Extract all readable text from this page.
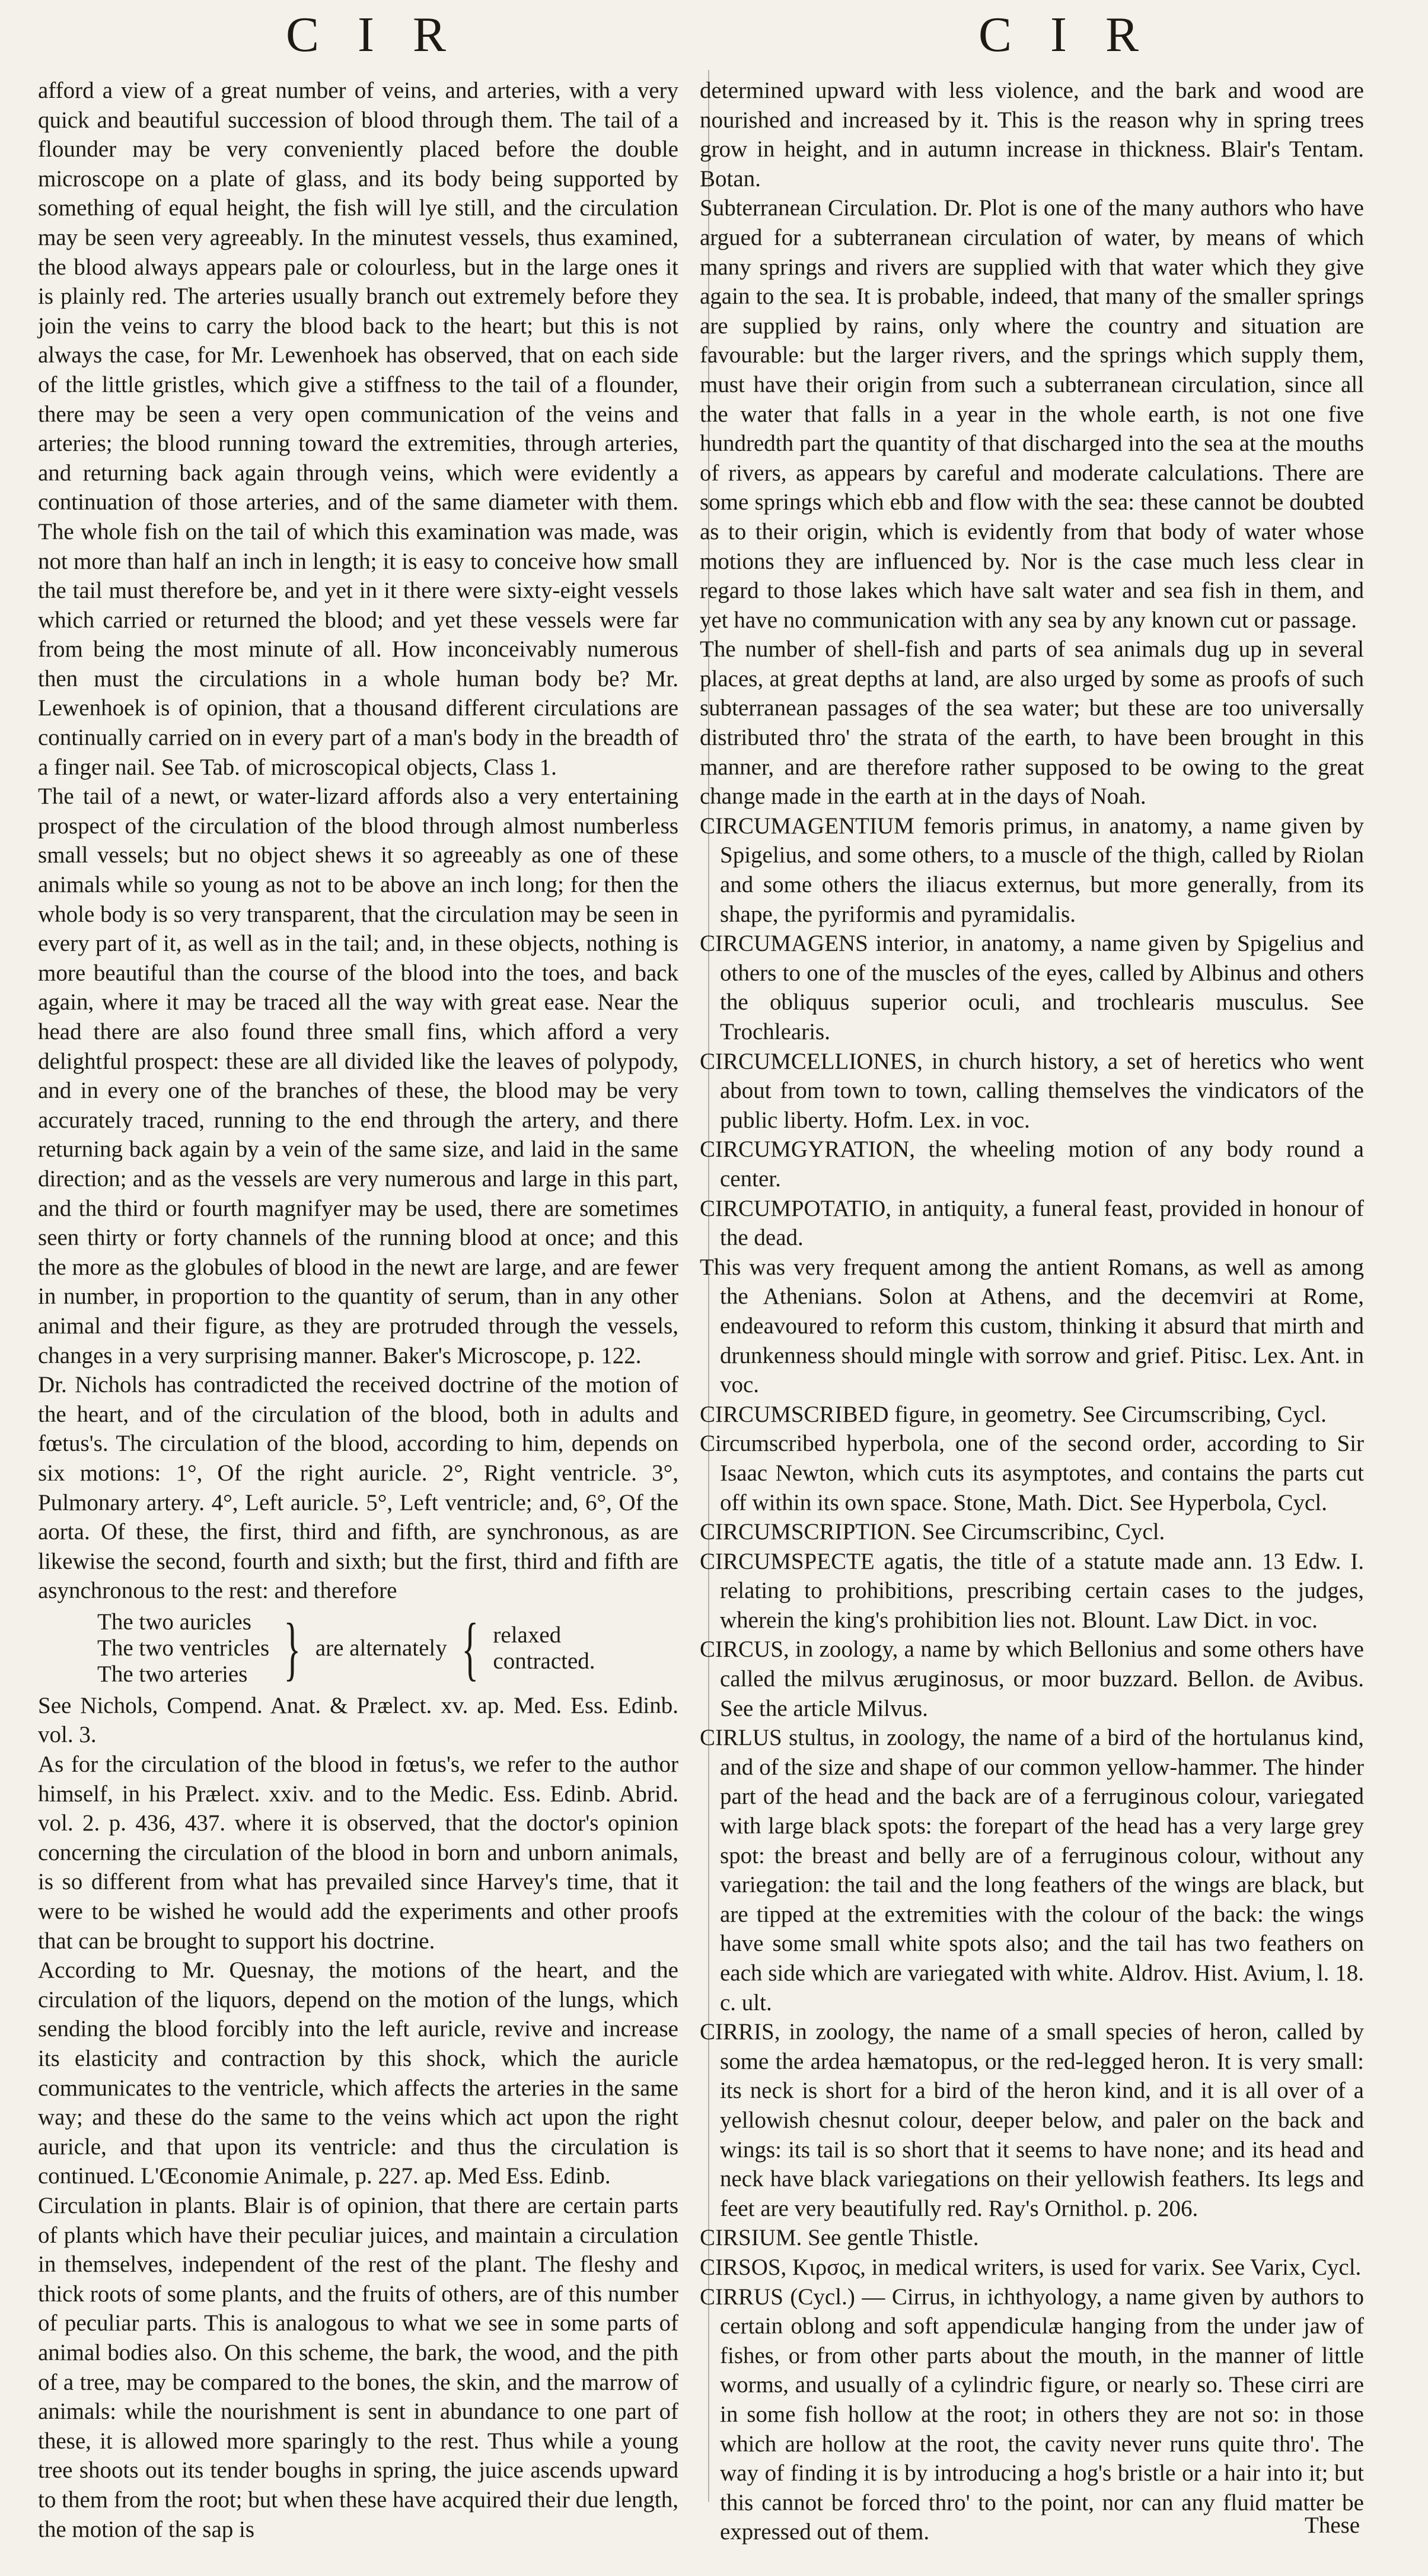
C I R	C I R

afford a view of a great number of veins, and arteries, with a very quick and beautiful succession of blood through them. The tail of a flounder may be very conveniently placed before the double microscope on a plate of glass, and its body being supported by something of equal height, the fish will lye still, and the circulation may be seen very agreeably. In the minutest vessels, thus examined, the blood always appears pale or colourless, but in the large ones it is plainly red. The arteries usually branch out extremely before they join the veins to carry the blood back to the heart; but this is not always the case, for Mr. Lewenhoek has observed, that on each side of the little gristles, which give a stiffness to the tail of a flounder, there may be seen a very open communication of the veins and arteries; the blood running toward the extremities, through arteries, and returning back again through veins, which were evidently a continuation of those arteries, and of the same diameter with them. The whole fish on the tail of which this examination was made, was not more than half an inch in length; it is easy to conceive how small the tail must therefore be, and yet in it there were sixty-eight vessels which carried or returned the blood; and yet these vessels were far from being the most minute of all. How inconceivably numerous then must the circulations in a whole human body be? Mr. Lewenhoek is of opinion, that a thousand different circulations are continually carried on in every part of a man's body in the breadth of a finger nail. See Tab. of microscopical objects, Class 1.

The tail of a newt, or water-lizard affords also a very entertaining prospect of the circulation of the blood through almost numberless small vessels; but no object shews it so agreeably as one of these animals while so young as not to be above an inch long; for then the whole body is so very transparent, that the circulation may be seen in every part of it, as well as in the tail; and, in these objects, nothing is more beautiful than the course of the blood into the toes, and back again, where it may be traced all the way with great ease. Near the head there are also found three small fins, which afford a very delightful prospect: these are all divided like the leaves of polypody, and in every one of the branches of these, the blood may be very accurately traced, running to the end through the artery, and there returning back again by a vein of the same size, and laid in the same direction; and as the vessels are very numerous and large in this part, and the third or fourth magnifyer may be used, there are sometimes seen thirty or forty channels of the running blood at once; and this the more as the globules of blood in the newt are large, and are fewer in number, in proportion to the quantity of serum, than in any other animal and their figure, as they are protruded through the vessels, changes in a very surprising manner. Baker's Microscope, p. 122.

Dr. Nichols has contradicted the received doctrine of the motion of the heart, and of the circulation of the blood, both in adults and fœtus's. The circulation of the blood, according to him, depends on six motions: 1°, Of the right auricle. 2°, Right ventricle. 3°, Pulmonary artery. 4°, Left auricle. 5°, Left ventricle; and, 6°, Of the aorta. Of these, the first, third and fifth, are synchronous, as are likewise the second, fourth and sixth; but the first, third and fifth are asynchronous to the rest: and therefore

The two auricles
The two ventricles
The two arteries } are alternately { relaxed
contracted.

See Nichols, Compend. Anat. & Prælect. xv. ap. Med. Ess. Edinb. vol. 3.

As for the circulation of the blood in fœtus's, we refer to the author himself, in his Prælect. xxiv. and to the Medic. Ess. Edinb. Abrid. vol. 2. p. 436, 437. where it is observed, that the doctor's opinion concerning the circulation of the blood in born and unborn animals, is so different from what has prevailed since Harvey's time, that it were to be wished he would add the experiments and other proofs that can be brought to support his doctrine.

According to Mr. Quesnay, the motions of the heart, and the circulation of the liquors, depend on the motion of the lungs, which sending the blood forcibly into the left auricle, revive and increase its elasticity and contraction by this shock, which the auricle communicates to the ventricle, which affects the arteries in the same way; and these do the same to the veins which act upon the right auricle, and that upon its ventricle: and thus the circulation is continued. L'Œconomie Animale, p. 227. ap. Med Ess. Edinb.

Circulation in plants. Blair is of opinion, that there are certain parts of plants which have their peculiar juices, and maintain a circulation in themselves, independent of the rest of the plant. The fleshy and thick roots of some plants, and the fruits of others, are of this number of peculiar parts. This is analogous to what we see in some parts of animal bodies also. On this scheme, the bark, the wood, and the pith of a tree, may be compared to the bones, the skin, and the marrow of animals: while the nourishment is sent in abundance to one part of these, it is allowed more sparingly to the rest. Thus while a young tree shoots out its tender boughs in spring, the juice ascends upward to them from the root; but when these have acquired their due length, the motion of the sap is

determined upward with less violence, and the bark and wood are nourished and increased by it. This is the reason why in spring trees grow in height, and in autumn increase in thickness. Blair's Tentam. Botan.

Subterranean Circulation. Dr. Plot is one of the many authors who have argued for a subterranean circulation of water, by means of which many springs and rivers are supplied with that water which they give again to the sea. It is probable, indeed, that many of the smaller springs are supplied by rains, only where the country and situation are favourable: but the larger rivers, and the springs which supply them, must have their origin from such a subterranean circulation, since all the water that falls in a year in the whole earth, is not one five hundredth part the quantity of that discharged into the sea at the mouths of rivers, as appears by careful and moderate calculations. There are some springs which ebb and flow with the sea: these cannot be doubted as to their origin, which is evidently from that body of water whose motions they are influenced by. Nor is the case much less clear in regard to those lakes which have salt water and sea fish in them, and yet have no communication with any sea by any known cut or passage.

The number of shell-fish and parts of sea animals dug up in several places, at great depths at land, are also urged by some as proofs of such subterranean passages of the sea water; but these are too universally distributed thro' the strata of the earth, to have been brought in this manner, and are therefore rather supposed to be owing to the great change made in the earth at in the days of Noah.

CIRCUMAGENTIUM femoris primus, in anatomy, a name given by Spigelius, and some others, to a muscle of the thigh, called by Riolan and some others the iliacus externus, but more generally, from its shape, the pyriformis and pyramidalis.

CIRCUMAGENS interior, in anatomy, a name given by Spigelius and others to one of the muscles of the eyes, called by Albinus and others the obliquus superior oculi, and trochlearis musculus. See Trochlearis.

CIRCUMCELLIONES, in church history, a set of heretics who went about from town to town, calling themselves the vindicators of the public liberty. Hofm. Lex. in voc.

CIRCUMGYRATION, the wheeling motion of any body round a center.

CIRCUMPOTATIO, in antiquity, a funeral feast, provided in honour of the dead.

This was very frequent among the antient Romans, as well as among the Athenians. Solon at Athens, and the decemviri at Rome, endeavoured to reform this custom, thinking it absurd that mirth and drunkenness should mingle with sorrow and grief. Pitisc. Lex. Ant. in voc.

CIRCUMSCRIBED figure, in geometry. See Circumscribing, Cycl.

Circumscribed hyperbola, one of the second order, according to Sir Isaac Newton, which cuts its asymptotes, and contains the parts cut off within its own space. Stone, Math. Dict. See Hyperbola, Cycl.

CIRCUMSCRIPTION. See Circumscribinc, Cycl.

CIRCUMSPECTE agatis, the title of a statute made ann. 13 Edw. I. relating to prohibitions, prescribing certain cases to the judges, wherein the king's prohibition lies not. Blount. Law Dict. in voc.

CIRCUS, in zoology, a name by which Bellonius and some others have called the milvus æruginosus, or moor buzzard. Bellon. de Avibus. See the article Milvus.

CIRLUS stultus, in zoology, the name of a bird of the hortulanus kind, and of the size and shape of our common yellow-hammer. The hinder part of the head and the back are of a ferruginous colour, variegated with large black spots: the forepart of the head has a very large grey spot: the breast and belly are of a ferruginous colour, without any variegation: the tail and the long feathers of the wings are black, but are tipped at the extremities with the colour of the back: the wings have some small white spots also; and the tail has two feathers on each side which are variegated with white. Aldrov. Hist. Avium, l. 18. c. ult.

CIRRIS, in zoology, the name of a small species of heron, called by some the ardea hæmatopus, or the red-legged heron. It is very small: its neck is short for a bird of the heron kind, and it is all over of a yellowish chesnut colour, deeper below, and paler on the back and wings: its tail is so short that it seems to have none; and its head and neck have black variegations on their yellowish feathers. Its legs and feet are very beautifully red. Ray's Ornithol. p. 206.

CIRSIUM. See gentle Thistle.

CIRSOS, Κιρσος, in medical writers, is used for varix. See Varix, Cycl.

CIRRUS (Cycl.) — Cirrus, in ichthyology, a name given by authors to certain oblong and soft appendiculæ hanging from the under jaw of fishes, or from other parts about the mouth, in the manner of little worms, and usually of a cylindric figure, or nearly so. These cirri are in some fish hollow at the root; in others they are not so: in those which are hollow at the root, the cavity never runs quite thro'. The way of finding it is by introducing a hog's bristle or a hair into it; but this cannot be forced thro' to the point, nor can any fluid matter be expressed out of them.	These
